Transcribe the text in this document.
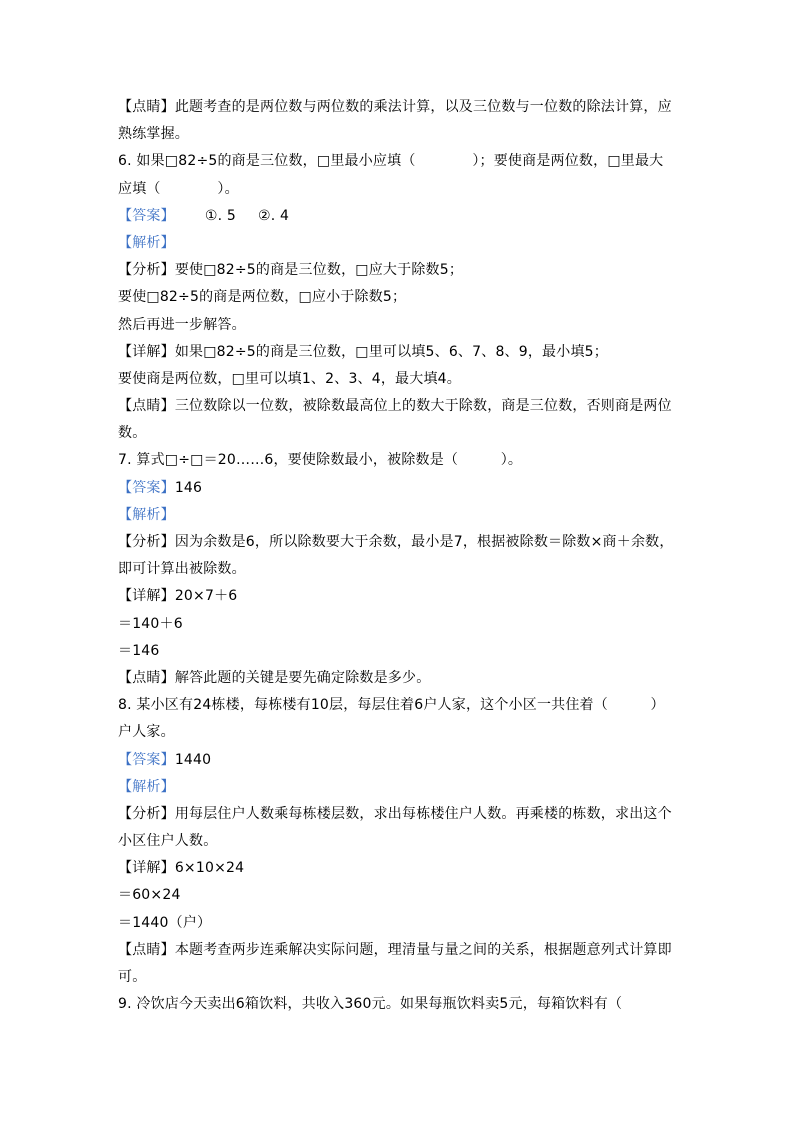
【点睛】此题考查的是两位数与两位数的乘法计算，以及三位数与一位数的除法计算，应
熟练掌握。
6. 如果□82÷5的商是三位数，□里最小应填（　　　　）；要使商是两位数，□里最大
应填（　　　　）。
【答案】 ①. 5 ②. 4
【解析】
【分析】要使□82÷5的商是三位数，□应大于除数5；
要使□82÷5的商是两位数，□应小于除数5；
然后再进一步解答。
【详解】如果□82÷5的商是三位数，□里可以填5、6、7、8、9，最小填5；
要使商是两位数，□里可以填1、2、3、4，最大填4。
【点睛】三位数除以一位数，被除数最高位上的数大于除数，商是三位数，否则商是两位
数。
7. 算式□÷□＝20……6，要使除数最小，被除数是（　　　）。
【答案】146
【解析】
【分析】因为余数是6，所以除数要大于余数，最小是7，根据被除数＝除数×商＋余数，
即可计算出被除数。
【详解】20×7＋6
＝140＋6
＝146
【点睛】解答此题的关键是要先确定除数是多少。
8. 某小区有24栋楼，每栋楼有10层，每层住着6户人家，这个小区一共住着（　　　）
户人家。
【答案】1440
【解析】
【分析】用每层住户人数乘每栋楼层数，求出每栋楼住户人数。再乘楼的栋数，求出这个
小区住户人数。
【详解】6×10×24
＝60×24
＝1440（户）
【点睛】本题考查两步连乘解决实际问题，理清量与量之间的关系，根据题意列式计算即
可。
9. 冷饮店今天卖出6箱饮料，共收入360元。如果每瓶饮料卖5元，每箱饮料有（
